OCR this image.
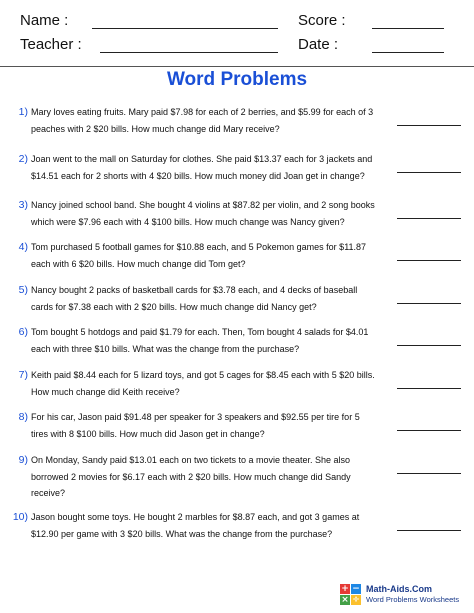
Name :	Score :
Teacher :	Date :
Word Problems
1) Mary loves eating fruits. Mary paid $7.98 for each of 2 berries, and $5.99 for each of 3 peaches with 2 $20 bills. How much change did Mary receive?
2) Joan went to the mall on Saturday for clothes. She paid $13.37 each for 3 jackets and $14.51 each for 2 shorts with 4 $20 bills. How much money did Joan get in change?
3) Nancy joined school band. She bought 4 violins at $87.82 per violin, and 2 song books which were $7.96 each with 4 $100 bills. How much change was Nancy given?
4) Tom purchased 5 football games for $10.88 each, and 5 Pokemon games for $11.87 each with 6 $20 bills. How much change did Tom get?
5) Nancy bought 2 packs of basketball cards for $3.78 each, and 4 decks of baseball cards for $7.38 each with 2 $20 bills. How much change did Nancy get?
6) Tom bought 5 hotdogs and paid $1.79 for each. Then, Tom bought 4 salads for $4.01 each with three $10 bills. What was the change from the purchase?
7) Keith paid $8.44 each for 5 lizard toys, and got 5 cages for $8.45 each with 5 $20 bills. How much change did Keith receive?
8) For his car, Jason paid $91.48 per speaker for 3 speakers and $92.55 per tire for 5 tires with 8 $100 bills. How much did Jason get in change?
9) On Monday, Sandy paid $13.01 each on two tickets to a movie theater. She also borrowed 2 movies for $6.17 each with 2 $20 bills. How much change did Sandy receive?
10) Jason bought some toys. He bought 2 marbles for $8.87 each, and got 3 games at $12.90 per game with 3 $20 bills. What was the change from the purchase?
+ −
× ÷
Math-Aids.Com
Word Problems Worksheets
